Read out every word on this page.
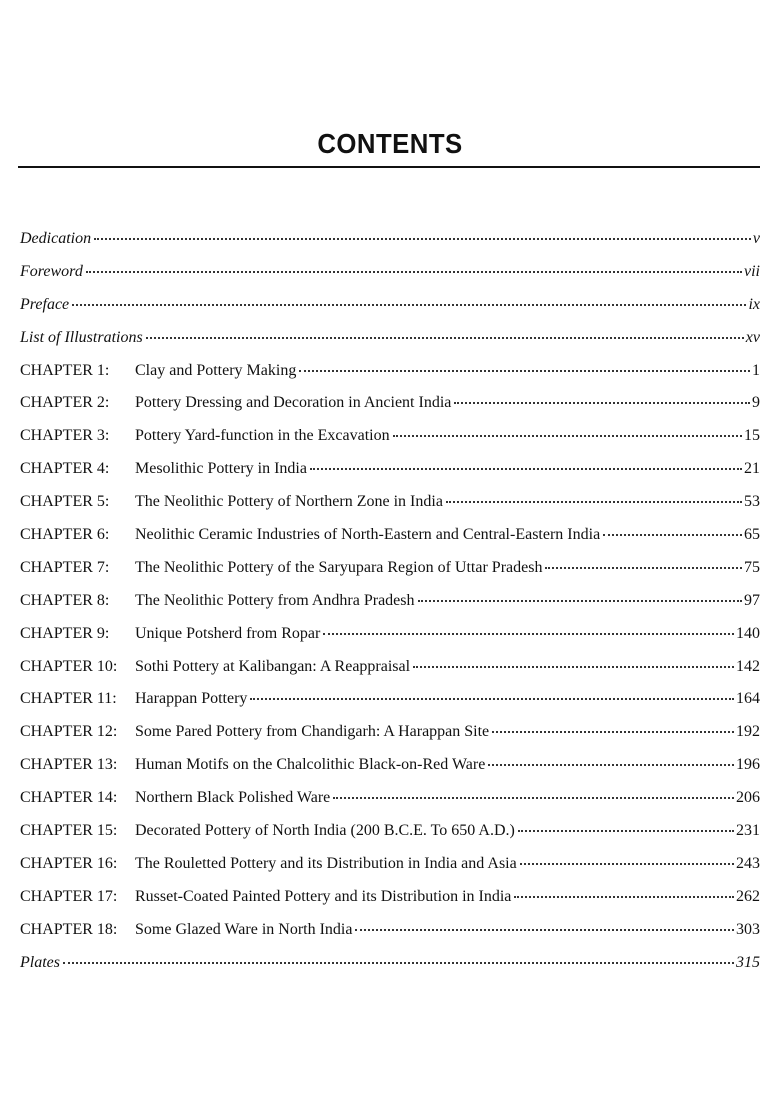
CONTENTS
Dedication	v
Foreword	vii
Preface	ix
List of Illustrations	xv
CHAPTER 1:	Clay and Pottery Making	1
CHAPTER 2:	Pottery Dressing and Decoration in Ancient India	9
CHAPTER 3:	Pottery Yard-function in the Excavation	15
CHAPTER 4:	Mesolithic Pottery in India	21
CHAPTER 5:	The Neolithic Pottery of Northern Zone in India	53
CHAPTER 6:	Neolithic Ceramic Industries of North-Eastern and Central-Eastern India	65
CHAPTER 7:	The Neolithic Pottery of the Saryupara Region of Uttar Pradesh	75
CHAPTER 8:	The Neolithic Pottery from Andhra Pradesh	97
CHAPTER 9:	Unique Potsherd from Ropar	140
CHAPTER 10:	Sothi Pottery at Kalibangan: A Reappraisal	142
CHAPTER 11:	Harappan Pottery	164
CHAPTER 12:	Some Pared Pottery from Chandigarh: A Harappan Site	192
CHAPTER 13:	Human Motifs on the Chalcolithic Black-on-Red Ware	196
CHAPTER 14:	Northern Black Polished Ware	206
CHAPTER 15:	Decorated Pottery of North India (200 B.C.E. To 650 A.D.)	231
CHAPTER 16:	The Rouletted Pottery and its Distribution in India and Asia	243
CHAPTER 17:	Russet-Coated Painted Pottery and its Distribution in India	262
CHAPTER 18:	Some Glazed Ware in North India	303
Plates	315
